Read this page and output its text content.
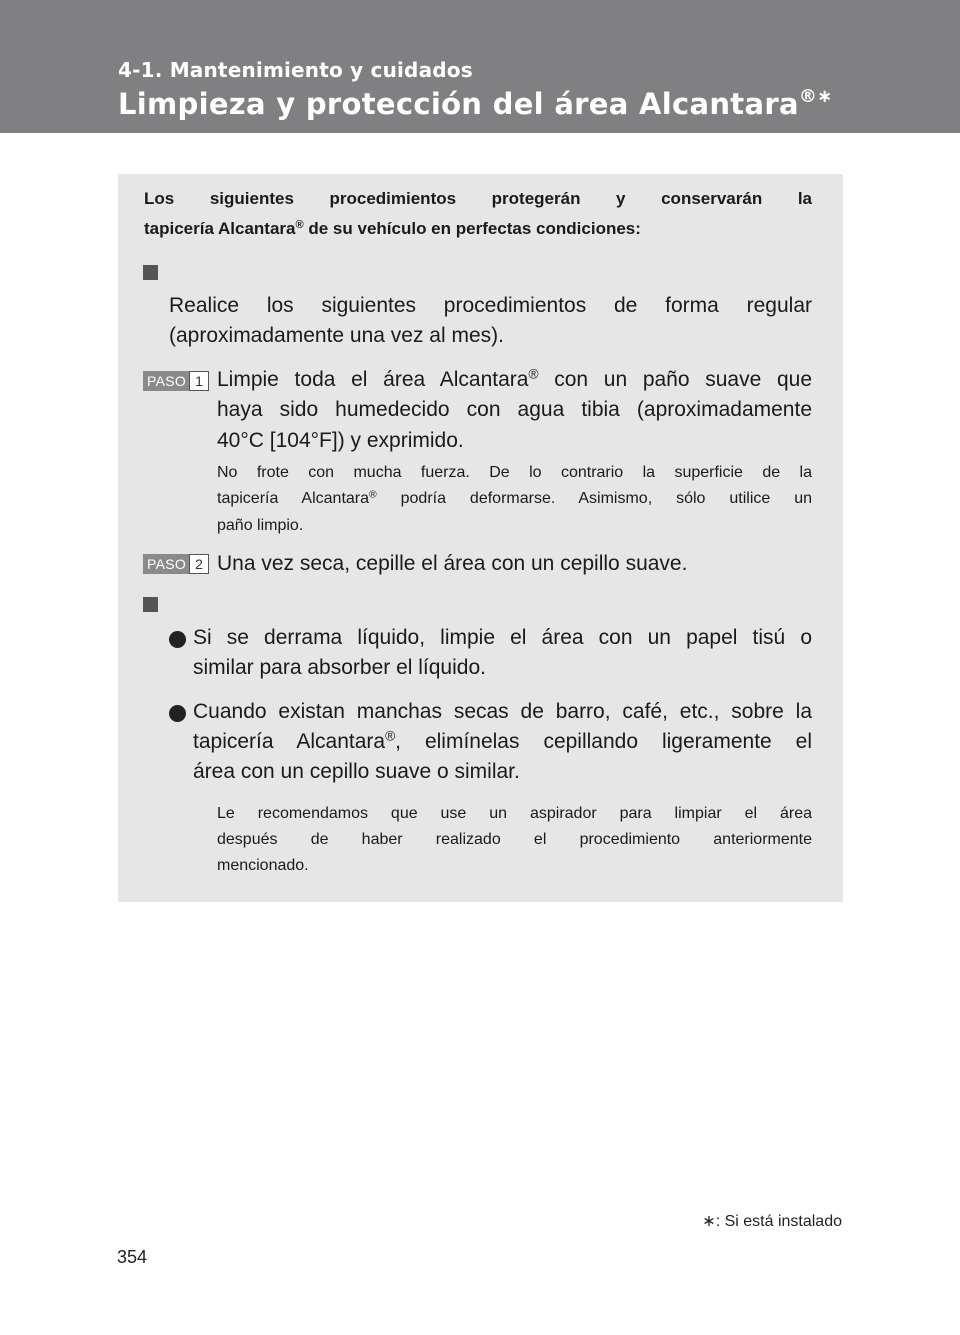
4-1. Mantenimiento y cuidados
Limpieza y protección del área Alcantara®∗
Los siguientes procedimientos protegerán y conservarán la
tapicería Alcantara® de su vehículo en perfectas condiciones:
Realice los siguientes procedimientos de forma regular
(aproximadamente una vez al mes).
PASO 1 Limpie toda el área Alcantara® con un paño suave que
haya sido humedecido con agua tibia (aproximadamente
40°C [104°F]) y exprimido.
No frote con mucha fuerza. De lo contrario la superficie de la
tapicería Alcantara® podría deformarse. Asimismo, sólo utilice un
paño limpio.
PASO 2 Una vez seca, cepille el área con un cepillo suave.
Si se derrama líquido, limpie el área con un papel tisú o
similar para absorber el líquido.
Cuando existan manchas secas de barro, café, etc., sobre la
tapicería Alcantara®, elimínelas cepillando ligeramente el
área con un cepillo suave o similar.
Le recomendamos que use un aspirador para limpiar el área
después de haber realizado el procedimiento anteriormente
mencionado.
∗: Si está instalado
354
